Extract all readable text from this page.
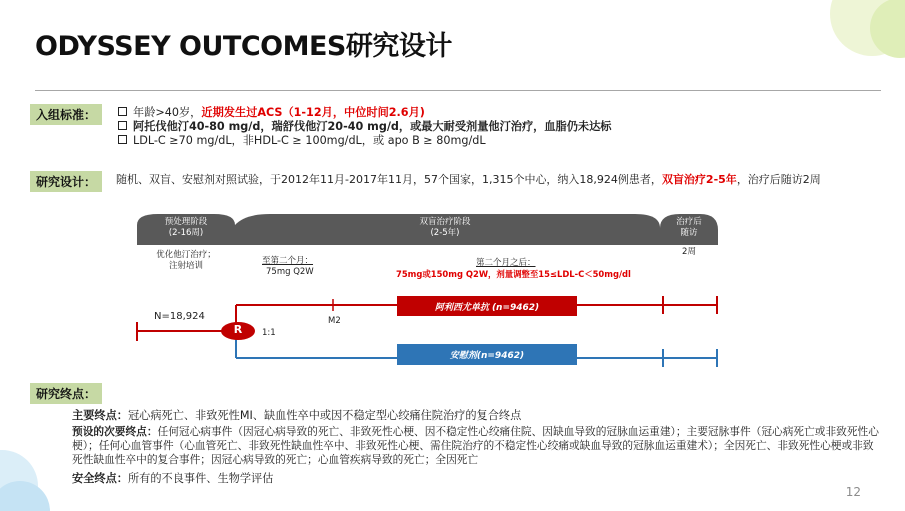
ODYSSEY OUTCOMES研究设计
入组标准：	年龄>40岁，近期发生过ACS（1-12月，中位时间2.6月)
阿托伐他汀40-80 mg/d，瑞舒伐他汀20-40 mg/d，或最大耐受剂量他汀治疗，血脂仍未达标
LDL-C ≥70 mg/dL，非HDL-C ≥ 100mg/dL，或 apo B ≥ 80mg/dL
研究设计：	随机、双盲、安慰剂对照试验，于2012年11月-2017年11月，57个国家，1,315个中心，纳入18,924例患者，双盲治疗2-5年，治疗后随访2周
预处理阶段
(2-16周)
双盲治疗阶段
(2-5年)
治疗后
随访
2周
优化他汀治疗；
注射培训	至第二个月：
75mg Q2W
第二个月之后：
75mg或150mg Q2W，剂量调整至15≤LDL-C＜50mg/dl
N=18,924
R	1:1
M2
阿利西尤单抗 (n=9462)
安慰剂(n=9462)
研究终点：
主要终点：冠心病死亡、非致死性MI、缺血性卒中或因不稳定型心绞痛住院治疗的复合终点
预设的次要终点：任何冠心病事件（因冠心病导致的死亡、非致死性心梗、因不稳定性心绞痛住院、因缺血导致的冠脉血运重建）；主要冠脉事件（冠心病死亡或非致死性心梗）；任何心血管事件（心血管死亡、非致死性缺血性卒中、非致死性心梗、需住院治疗的不稳定性心绞痛或缺血导致的冠脉血运重建术）；全因死亡、非致死性心梗或非致死性缺血性卒中的复合事件；因冠心病导致的死亡；心血管疾病导致的死亡；全因死亡
安全终点：所有的不良事件、生物学评估
12
